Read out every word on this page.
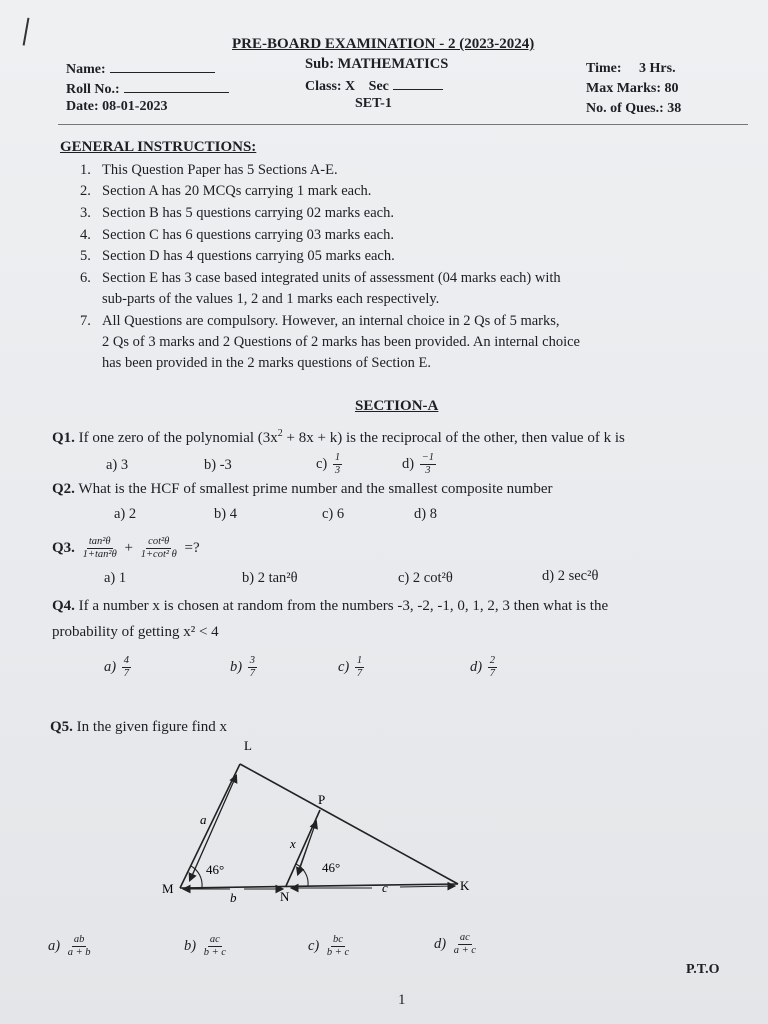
PRE-BOARD EXAMINATION - 2 (2023-2024)
Name:
Roll No.:
Date: 08-01-2023
Sub: MATHEMATICS
Class: X Sec
SET-1
Time: 3 Hrs.
Max Marks: 80
No. of Ques.: 38
GENERAL INSTRUCTIONS:
1. This Question Paper has 5 Sections A-E.
2. Section A has 20 MCQs carrying 1 mark each.
3. Section B has 5 questions carrying 02 marks each.
4. Section C has 6 questions carrying 03 marks each.
5. Section D has 4 questions carrying 05 marks each.
6. Section E has 3 case based integrated units of assessment (04 marks each) with
sub-parts of the values 1, 2 and 1 marks each respectively.
7. All Questions are compulsory. However, an internal choice in 2 Qs of 5 marks,
2 Qs of 3 marks and 2 Questions of 2 marks has been provided. An internal choice
has been provided in the 2 marks questions of Section E.
SECTION-A
Q1. If one zero of the polynomial $(3x^2 + 8x + k)$ is the reciprocal of the other, then value of k is
a) 3	b) -3	$c) \frac{1}{3}$	$d) \frac{-1}{3}$
Q2. What is the HCF of smallest prime number and the smallest composite number
a) 2	b) 4	c) 6	d) 8
Q3. $\frac{\text{tan²θ}}{\text{1+tan²θ}} + \frac{\text{cot²θ}}{\text{1+cot² θ}}$ =?
a) 1	b) 2 tan²θ	c) 2 cot²θ	d) 2 sec²θ
Q4. If a number x is chosen at random from the numbers -3, -2, -1, 0, 1, 2, 3 then what is the
probability of getting x² < 4
$a) \frac{4}{7}$	$b) \frac{3}{7}$	$c) \frac{1}{7}$	$d) \frac{2}{7}$
Q5. In the given figure find x
L
P
M
N
K
a
x
b
c
46°	46°
$a) \frac{ab}{a + b}$	$b) \frac{ac}{b + c}$	$c) \frac{bc}{b + c}$	$d) \frac{ac}{a + c}$
P.T.O
1
